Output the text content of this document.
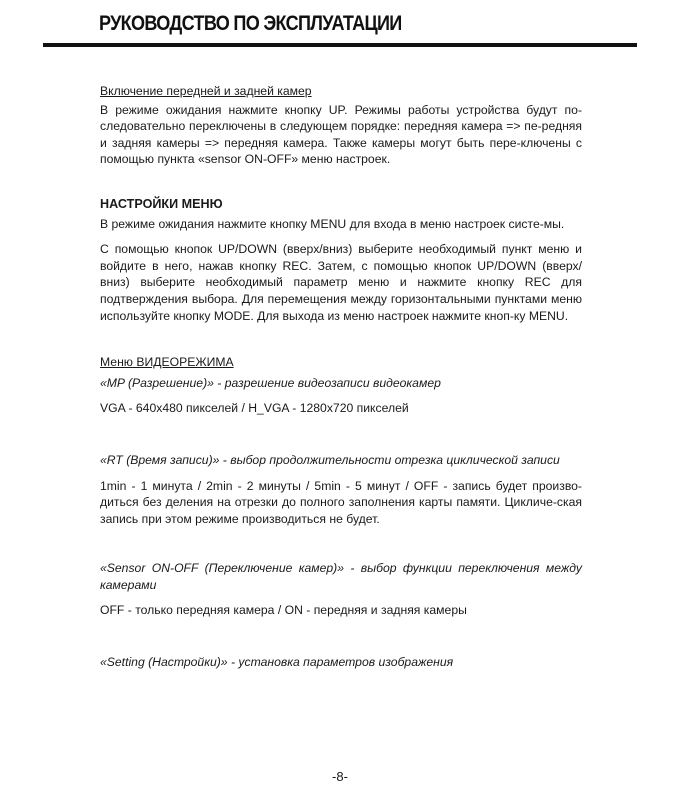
РУКОВОДСТВО ПО ЭКСПЛУАТАЦИИ
Включение передней и задней камер

В режиме ожидания нажмите кнопку UP. Режимы работы устройства будут по-следовательно переключены в следующем порядке: передняя камера => пе-редняя и задняя камеры => передняя камера. Также камеры могут быть пере-ключены с помощью пункта «sensor ON-OFF» меню настроек.

НАСТРОЙКИ МЕНЮ

В режиме ожидания нажмите кнопку MENU для входа в меню настроек систе-мы.

С помощью кнопок UP/DOWN (вверх/вниз) выберите необходимый пункт меню и войдите в него, нажав кнопку REC. Затем, с помощью кнопок UP/DOWN (вверх/вниз) выберите необходимый параметр меню и нажмите кнопку REC для подтверждения выбора. Для перемещения между горизонтальными пунктами меню используйте кнопку MODE. Для выхода из меню настроек нажмите кноп-ку MENU.

Меню ВИДЕОРЕЖИМА
«MP (Разрешение)» - разрешение видеозаписи видеокамер

VGA - 640x480 пикселей / H_VGA - 1280x720 пикселей

«RT (Время записи)» - выбор продолжительности отрезка циклической записи

1min - 1 минута / 2min - 2 минуты / 5min - 5 минут / OFF - запись будет произво-диться без деления на отрезки до полного заполнения карты памяти. Цикличе-ская запись при этом режиме производиться не будет.

«Sensor ON-OFF (Переключение камер)» - выбор функции переключения между камерами

OFF - только передняя камера / ON - передняя и задняя камеры

«Setting (Настройки)» - установка параметров изображения
-8-
